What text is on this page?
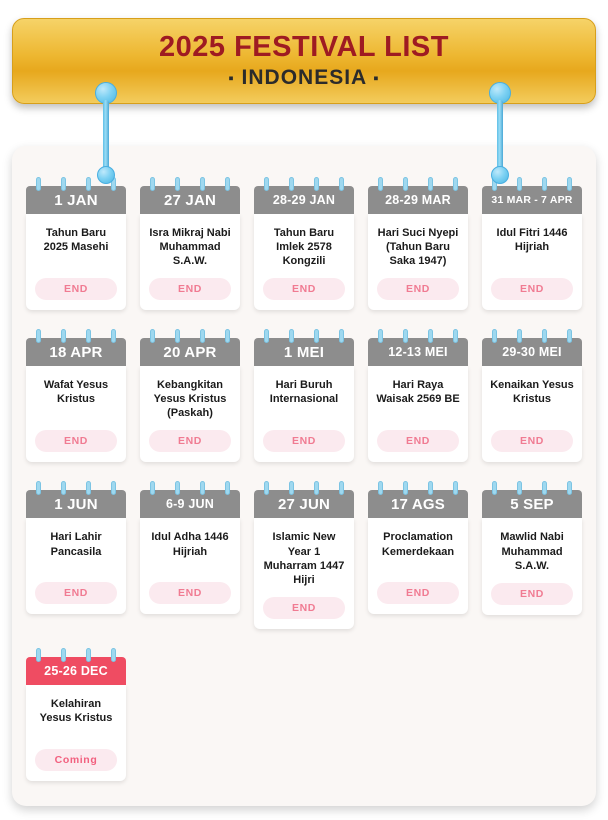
2025 FESTIVAL LIST
▪ INDONESIA ▪
1 JAN
Tahun Baru 2025 Masehi
END
27 JAN
Isra Mikraj Nabi Muhammad S.A.W.
END
28-29 JAN
Tahun Baru Imlek 2578 Kongzili
END
28-29 MAR
Hari Suci Nyepi (Tahun Baru Saka 1947)
END
31 MAR - 7 APR
Idul Fitri 1446 Hijriah
END
18 APR
Wafat Yesus Kristus
END
20 APR
Kebangkitan Yesus Kristus (Paskah)
END
1 MEI
Hari Buruh Internasional
END
12-13 MEI
Hari Raya Waisak 2569 BE
END
29-30 MEI
Kenaikan Yesus Kristus
END
1 JUN
Hari Lahir Pancasila
END
6-9 JUN
Idul Adha 1446 Hijriah
END
27 JUN
Islamic New Year 1 Muharram 1447 Hijri
END
17 AGS
Proclamation Kemerdekaan
END
5 SEP
Mawlid Nabi Muhammad S.A.W.
END
25-26 DEC
Kelahiran Yesus Kristus
Coming
